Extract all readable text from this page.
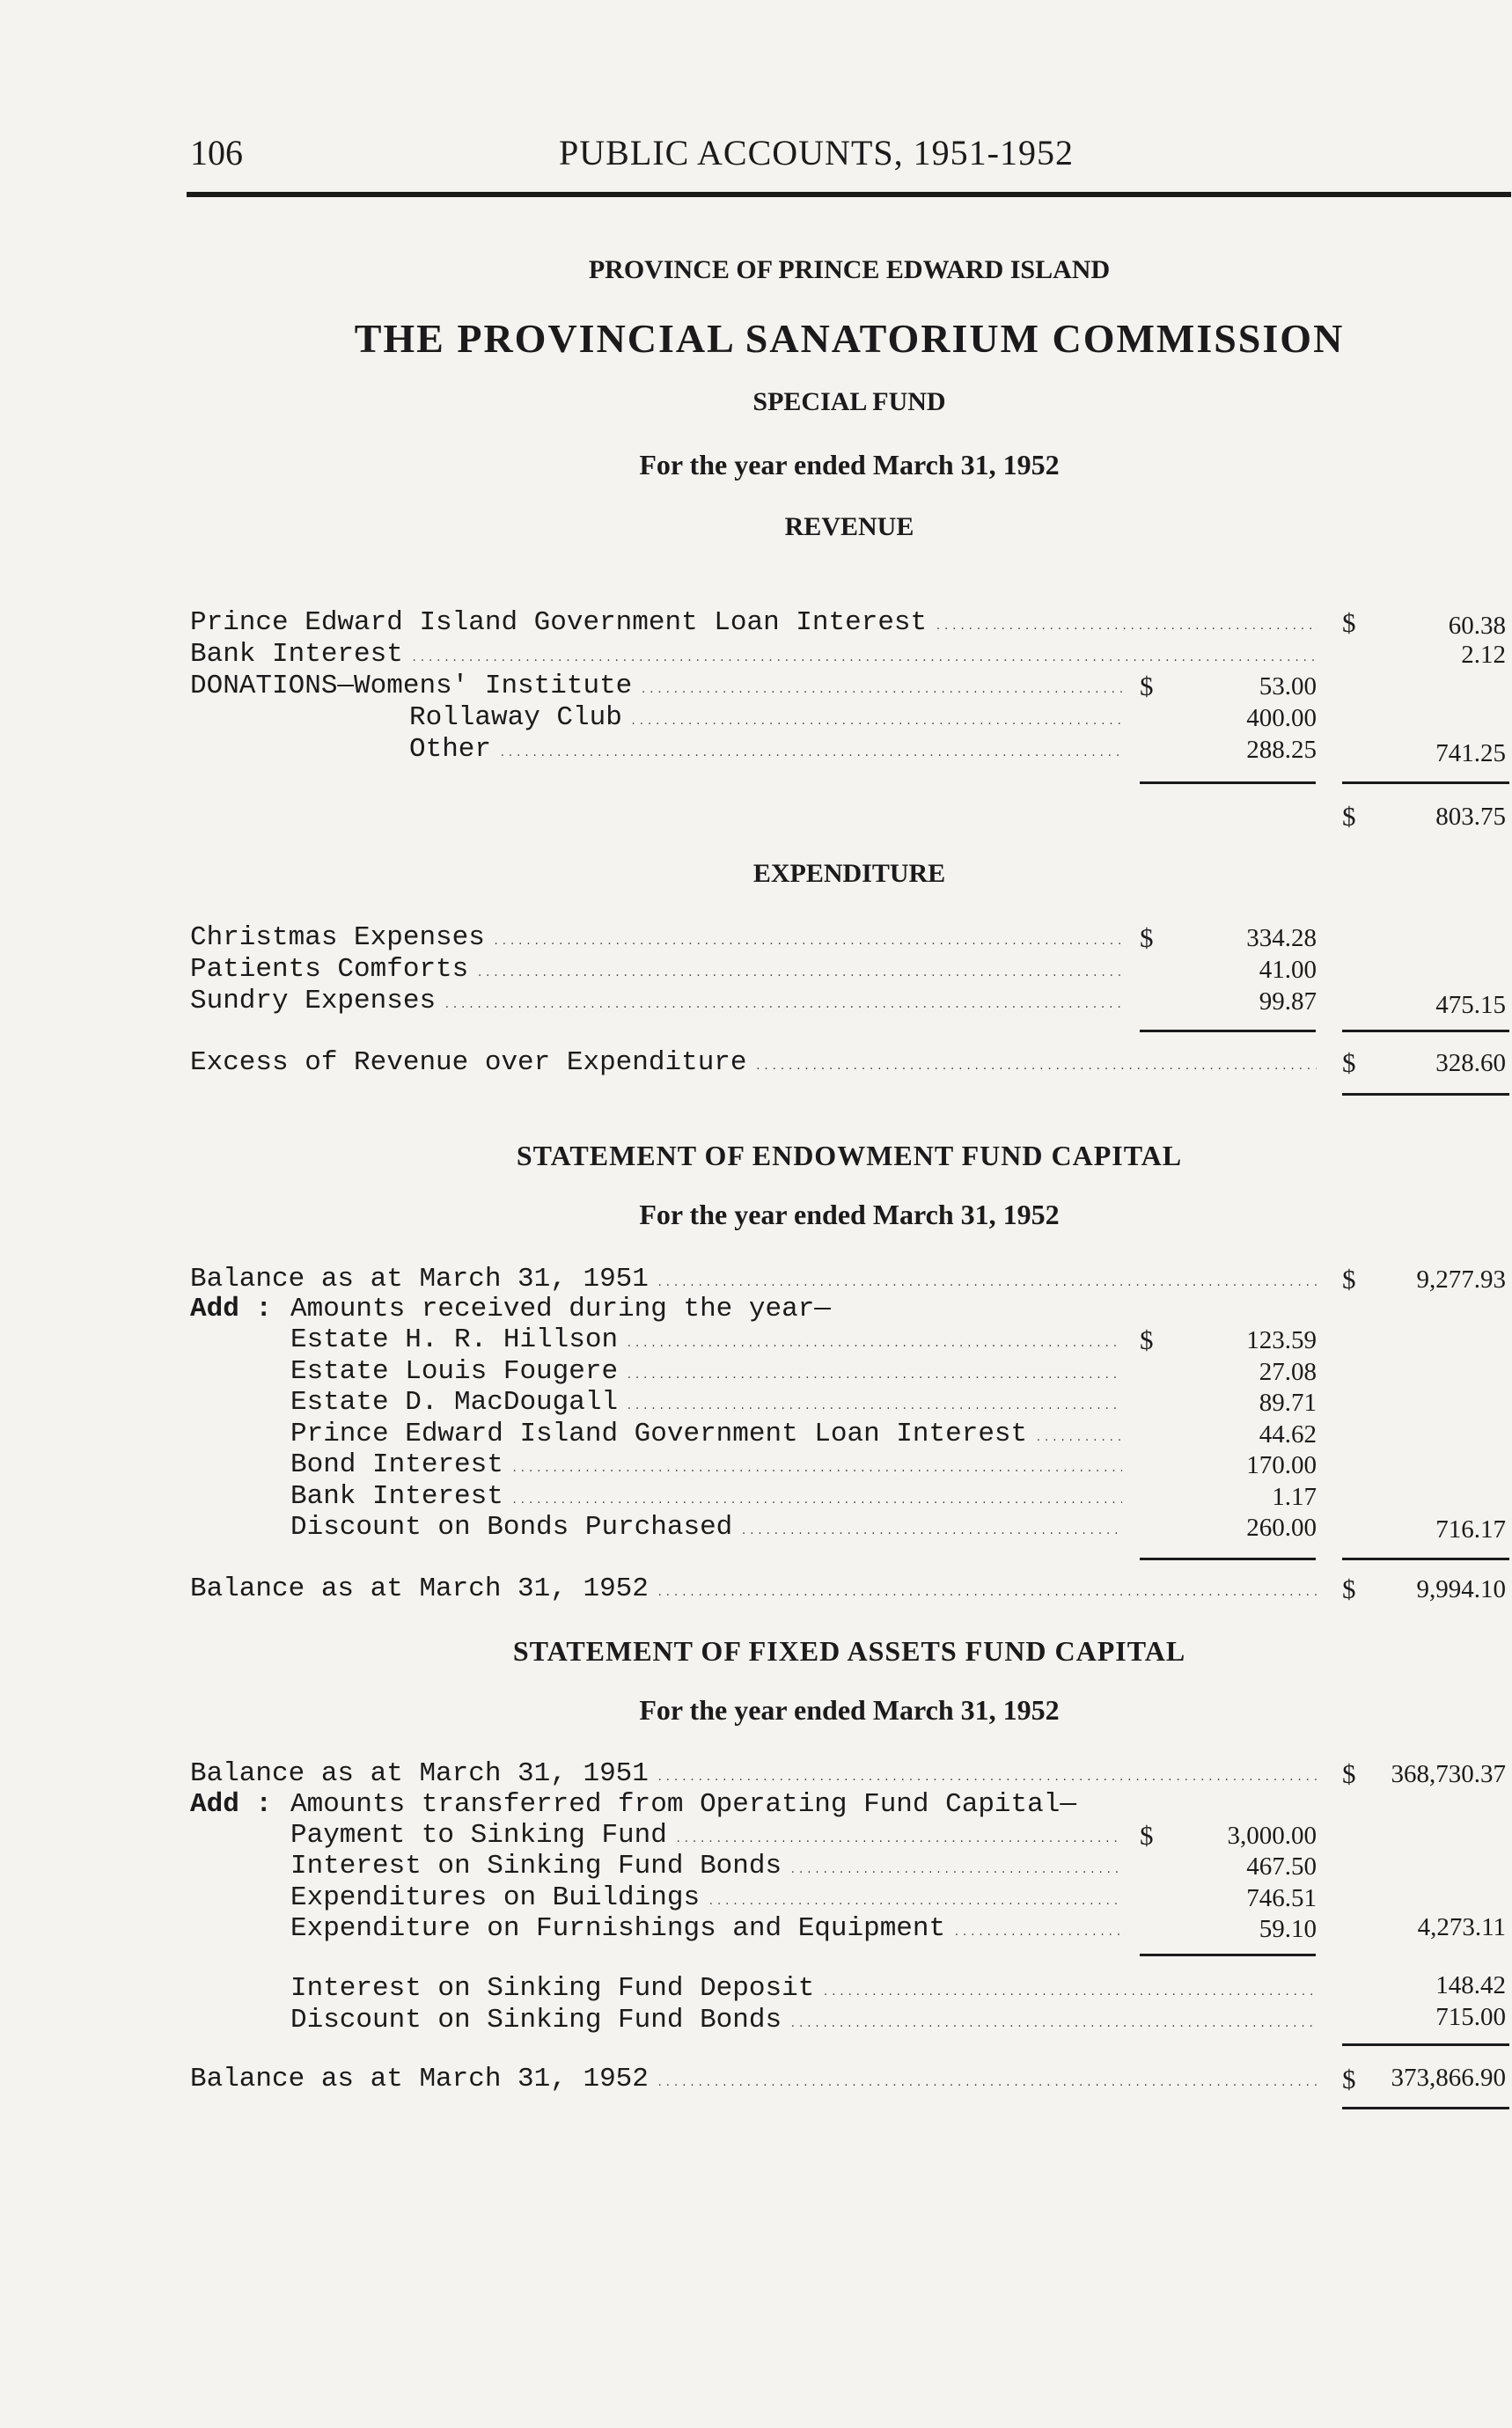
106	PUBLIC ACCOUNTS, 1951-1952
PROVINCE OF PRINCE EDWARD ISLAND
THE PROVINCIAL SANATORIUM COMMISSION
SPECIAL FUND
For the year ended March 31, 1952
REVENUE
Prince Edward Island Government Loan Interest .....	$	60.38
Bank Interest .....	2.12
DONATIONS—Womens' Institute .....	$	53.00
Rollaway Club .....	400.00
Other .....	288.25	741.25
$	803.75
EXPENDITURE
Christmas Expenses .....	$	334.28
Patients Comforts .....	41.00
Sundry Expenses .....	99.87	475.15
Excess of Revenue over Expenditure .....	$	328.60
STATEMENT OF ENDOWMENT FUND CAPITAL
For the year ended March 31, 1952
Balance as at March 31, 1951 .....	$	9,277.93
Add : Amounts received during the year—
Estate H. R. Hillson .....	$	123.59
Estate Louis Fougere .....	27.08
Estate D. MacDougall .....	89.71
Prince Edward Island Government Loan Interest .....	44.62
Bond Interest .....	170.00
Bank Interest .....	1.17
Discount on Bonds Purchased .....	260.00	716.17
Balance as at March 31, 1952 .....	$	9,994.10
STATEMENT OF FIXED ASSETS FUND CAPITAL
For the year ended March 31, 1952
Balance as at March 31, 1951 .....	$	368,730.37
Add : Amounts transferred from Operating Fund Capital—
Payment to Sinking Fund .....	$	3,000.00
Interest on Sinking Fund Bonds .....	467.50
Expenditures on Buildings .....	746.51
Expenditure on Furnishings and Equipment .....	59.10	4,273.11
Interest on Sinking Fund Deposit .....	148.42
Discount on Sinking Fund Bonds .....	715.00
Balance as at March 31, 1952 .....	$	373,866.90
